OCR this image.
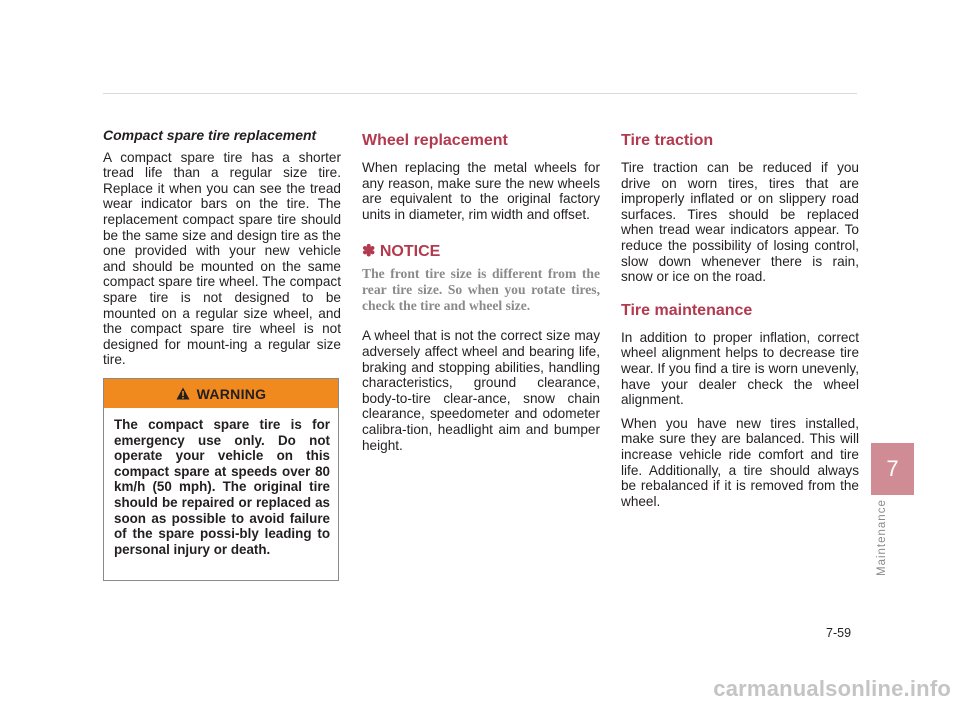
Compact spare tire replacement

A compact spare tire has a shorter tread life than a regular size tire. Replace it when you can see the tread wear indicator bars on the tire. The replacement compact spare tire should be the same size and design tire as the one provided with your new vehicle and should be mounted on the same compact spare tire wheel. The compact spare tire is not designed to be mounted on a regular size wheel, and the compact spare tire wheel is not designed for mount-ing a regular size tire.

WARNING
The compact spare tire is for emergency use only. Do not operate your vehicle on this compact spare at speeds over 80 km/h (50 mph). The original tire should be repaired or replaced as soon as possible to avoid failure of the spare possi-bly leading to personal injury or death.
Wheel replacement

When replacing the metal wheels for any reason, make sure the new wheels are equivalent to the original factory units in diameter, rim width and offset.

✽ NOTICE
The front tire size is different from the rear tire size. So when you rotate tires, check the tire and wheel size.

A wheel that is not the correct size may adversely affect wheel and bearing life, braking and stopping abilities, handling characteristics, ground clearance, body-to-tire clear-ance, snow chain clearance, speedometer and odometer calibra-tion, headlight aim and bumper height.

Tire traction

Tire traction can be reduced if you drive on worn tires, tires that are improperly inflated or on slippery road surfaces. Tires should be replaced when tread wear indicators appear. To reduce the possibility of losing control, slow down whenever there is rain, snow or ice on the road.

Tire maintenance

In addition to proper inflation, correct wheel alignment helps to decrease tire wear. If you find a tire is worn unevenly, have your dealer check the wheel alignment.

When you have new tires installed, make sure they are balanced. This will increase vehicle ride comfort and tire life. Additionally, a tire should always be rebalanced if it is removed from the wheel.

7
Maintenance
7-59
carmanualsonline.info
